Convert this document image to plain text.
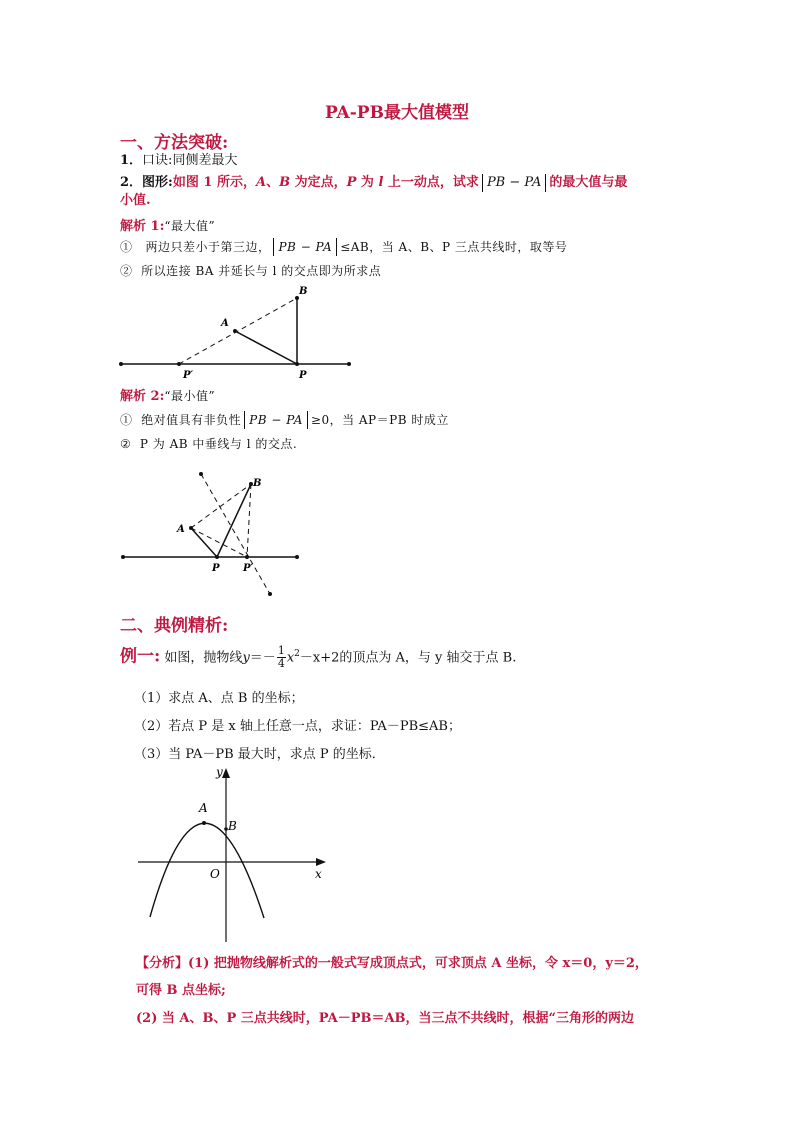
PA-PB最大值模型
一、方法突破:
1．口诀:同侧差最大
2．图形:如图 1 所示，A、B 为定点，P 为 l 上一动点，试求 PB − PA 的最大值与最
小值.
解析 1:“最大值”
① 两边只差小于第三边， PB − PA ≤AB，当 A、B、P 三点共线时，取等号
② 所以连接 BA 并延长与 l 的交点即为所求点
B
A
P′	P
解析 2:“最小值”
① 绝对值具有非负性 PB − PA ≥0，当 AP＝PB 时成立
② P 为 AB 中垂线与 l 的交点.
B
A
P P′
二、典例精析:
例一: 如图，抛物线$y=- \frac{1}{4} x^2-x+2$的顶点为 A，与 y 轴交于点 B.
（1）求点 A、点 B 的坐标；
（2）若点 P 是 x 轴上任意一点，求证：PA－PB≤AB；
（3）当 PA－PB 最大时，求点 P 的坐标．
y
x
O
A
B
【分析】(1) 把抛物线解析式的一般式写成顶点式，可求顶点 A 坐标，令 x＝0，y＝2，
可得 B 点坐标;
(2) 当 A、B、P 三点共线时，PA－PB＝AB，当三点不共线时，根据“三角形的两边
